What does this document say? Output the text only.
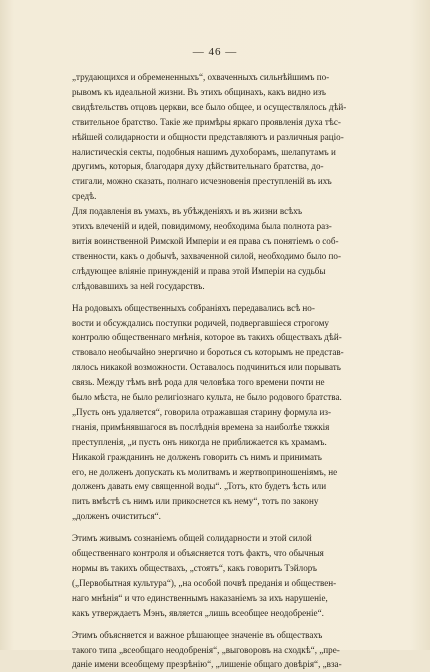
— 46 —

„трудающихся и обремененныхъ“, охваченныхъ сильнѣйшимъ по-
рывомъ къ идеальной жизни. Въ этихъ общинахъ, какъ видно изъ
свидѣтельствъ отцовъ церкви, все было общее, и осуществлялось дѣй-
ствительное братство. Такіе же примѣры яркаго проявленія духа тѣс-
нѣйшей солидарности и общности представляютъ и различныя раціо-
налистическія секты, подобныя нашимъ духоборамъ, шелапутамъ и
другимъ, которыя, благодаря духу дѣйствительнаго братства, до-
стигали, можно сказать, полнаго исчезновенія преступленій въ ихъ
средѣ.

Для подавленія въ умахъ, въ убѣжденіяхъ и въ жизни всѣхъ
этихъ влеченій и идей, повидимому, необходима была полнота раз-
витія воинственной Римской Имперіи и ея права съ понятіемъ о соб-
ственности, какъ о добычѣ, захваченной силой, необходимо было по-
слѣдующее вліяніе принужденій и права этой Имперіи на судьбы
слѣдовавшихъ за ней государствъ.

На родовыхъ общественныхъ собраніяхъ передавались всѣ но-
вости и обсуждались поступки родичей, подвергавшіеся строгому
контролю общественнаго мнѣнія, которое въ такихъ обществахъ дѣй-
ствовало необычайно энергично и бороться съ которымъ не представ-
лялось никакой возможности. Оставалось подчиниться или порывать
связь. Между тѣмъ внѣ рода для человѣка того времени почти не
было мѣста, не было религіознаго культа, не было родового братства.
„Пусть онъ удаляется“, говорила отражавшая старину формула из-
гнанія, примѣнявшагося въ послѣднія времена за наиболѣе тяжкія
преступленія, „и пусть онъ никогда не приближается къ храмамъ.
Никакой гражданинъ не долженъ говорить съ нимъ и принимать
его, не долженъ допускать къ молитвамъ и жертвоприношеніямъ, не
долженъ давать ему священной воды“. „Тотъ, кто будетъ ѣсть или
пить вмѣстѣ съ нимъ или прикоснется къ нему“, тотъ по закону
„долженъ очиститься“.

Этимъ живымъ сознаніемъ общей солидарности и этой силой
общественнаго контроля и объясняется тотъ фактъ, что обычныя
нормы въ такихъ обществахъ, „стоятъ“, какъ говоритъ Тэйлоръ
(„Первобытная культура“), „на особой почвѣ преданія и обществен-
наго мнѣнія“ и что единственнымъ наказаніемъ за ихъ нарушеніе,
какъ утверждаетъ Мэнъ, является „лишь всеобщее неодобреніе“.

Этимъ объясняется и важное рѣшающее значеніе въ обществахъ
такого типа „всеобщаго неодобренія“, „выговоровъ на сходкѣ“, „пре-
даніе имени всеобщему презрѣнію“, „лишеніе общаго довѣрія“, „вза-
